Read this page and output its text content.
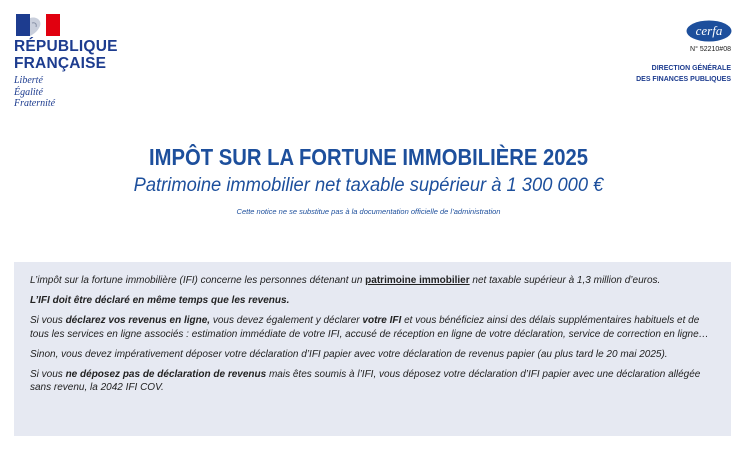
RÉPUBLIQUE
FRANÇAISE
Liberté
Égalité
Fraternité
cerfa
N° 52210#08
DIRECTION GÉNÉRALE
DES FINANCES PUBLIQUES
IMPÔT SUR LA FORTUNE IMMOBILIÈRE 2025
Patrimoine immobilier net taxable supérieur à 1 300 000 €
Cette notice ne se substitue pas à la documentation officielle de l’administration

L’impôt sur la fortune immobilière (IFI) concerne les personnes détenant un patrimoine immobilier net taxable supérieur à 1,3 million d’euros.

L’IFI doit être déclaré en même temps que les revenus.

Si vous déclarez vos revenus en ligne, vous devez également y déclarer votre IFI et vous bénéficiez ainsi des délais supplémentaires habituels et de tous les services en ligne associés : estimation immédiate de votre IFI, accusé de réception en ligne de votre déclaration, service de correction en ligne…

Sinon, vous devez impérativement déposer votre déclaration d’IFI papier avec votre déclaration de revenus papier (au plus tard le 20 mai 2025).

Si vous ne déposez pas de déclaration de revenus mais êtes soumis à l’IFI, vous déposez votre déclaration d’IFI papier avec une déclaration allégée sans revenu, la 2042 IFI COV.
